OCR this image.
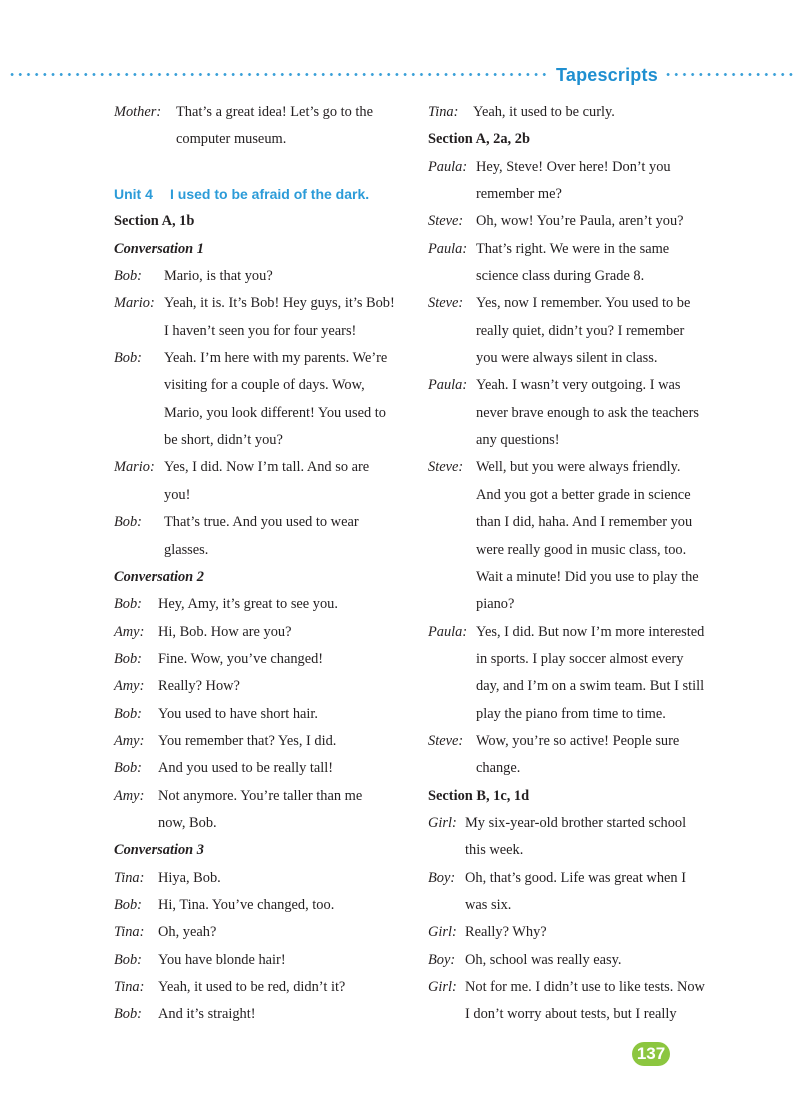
Tapescripts
Mother: That’s a great idea! Let’s go to the
computer museum.
Unit 4 I used to be afraid of the dark.
Section A, 1b
Conversation 1
Bob: Mario, is that you?
Mario: Yeah, it is. It’s Bob! Hey guys, it’s Bob!
I haven’t seen you for four years!
Bob: Yeah. I’m here with my parents. We’re
visiting for a couple of days. Wow,
Mario, you look different! You used to
be short, didn’t you?
Mario: Yes, I did. Now I’m tall. And so are
you!
Bob: That’s true. And you used to wear
glasses.
Conversation 2
Bob: Hey, Amy, it’s great to see you.
Amy: Hi, Bob. How are you?
Bob: Fine. Wow, you’ve changed!
Amy: Really? How?
Bob: You used to have short hair.
Amy: You remember that? Yes, I did.
Bob: And you used to be really tall!
Amy: Not anymore. You’re taller than me
now, Bob.
Conversation 3
Tina: Hiya, Bob.
Bob: Hi, Tina. You’ve changed, too.
Tina: Oh, yeah?
Bob: You have blonde hair!
Tina: Yeah, it used to be red, didn’t it?
Bob: And it’s straight!
Tina: Yeah, it used to be curly.
Section A, 2a, 2b
Paula: Hey, Steve! Over here! Don’t you
remember me?
Steve: Oh, wow! You’re Paula, aren’t you?
Paula: That’s right. We were in the same
science class during Grade 8.
Steve: Yes, now I remember. You used to be
really quiet, didn’t you? I remember
you were always silent in class.
Paula: Yeah. I wasn’t very outgoing. I was
never brave enough to ask the teachers
any questions!
Steve: Well, but you were always friendly.
And you got a better grade in science
than I did, haha. And I remember you
were really good in music class, too.
Wait a minute! Did you use to play the
piano?
Paula: Yes, I did. But now I’m more interested
in sports. I play soccer almost every
day, and I’m on a swim team. But I still
play the piano from time to time.
Steve: Wow, you’re so active! People sure
change.
Section B, 1c, 1d
Girl: My six-year-old brother started school
this week.
Boy: Oh, that’s good. Life was great when I
was six.
Girl: Really? Why?
Boy: Oh, school was really easy.
Girl: Not for me. I didn’t use to like tests. Now
I don’t worry about tests, but I really
137
